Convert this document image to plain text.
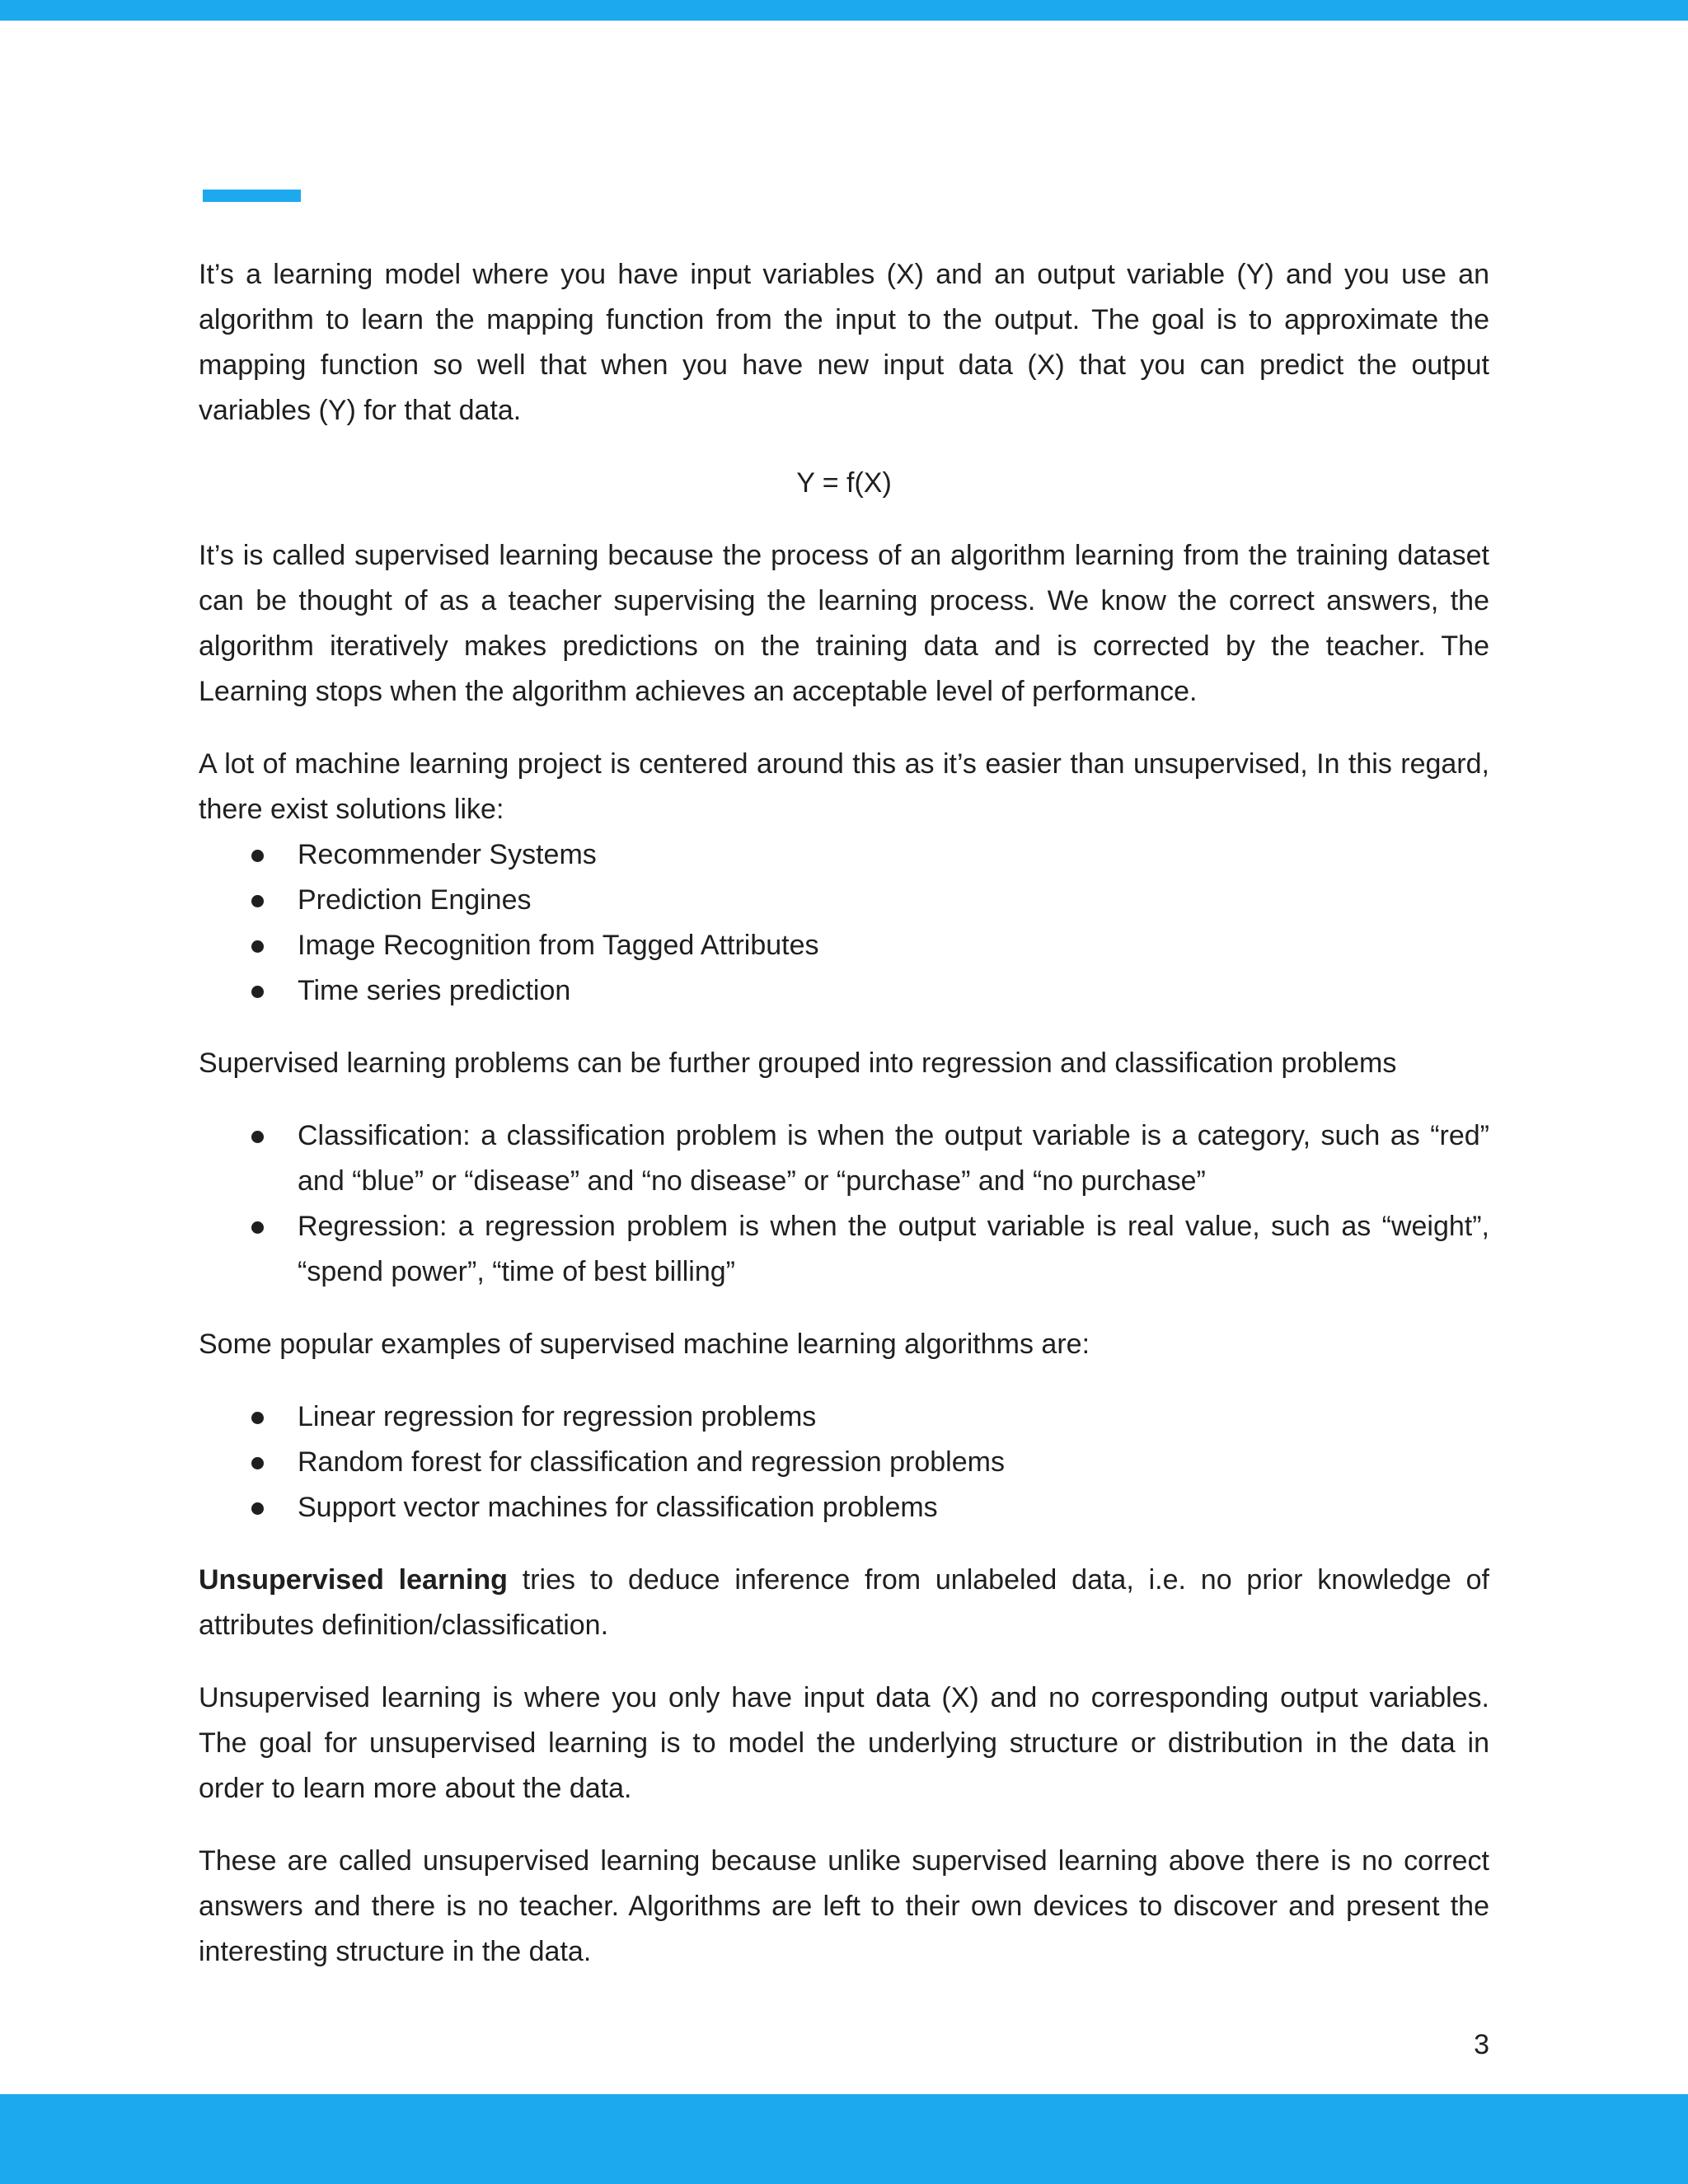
It’s a learning model where you have input variables (X) and an output variable (Y) and you use an algorithm to learn the mapping function from the input to the output. The goal is to approximate the mapping function so well that when you have new input data (X) that you can predict the output variables (Y) for that data.

Y = f(X)

It’s is called supervised learning because the process of an algorithm learning from the training dataset can be thought of as a teacher supervising the learning process. We know the correct answers, the algorithm iteratively makes predictions on the training data and is corrected by the teacher. The Learning stops when the algorithm achieves an acceptable level of performance.

A lot of machine learning project is centered around this as it’s easier than unsupervised, In this regard, there exist solutions like:

Recommender Systems
Prediction Engines
Image Recognition from Tagged Attributes
Time series prediction

Supervised learning problems can be further grouped into regression and classification problems

Classification: a classification problem is when the output variable is a category, such as “red” and “blue” or “disease” and “no disease” or “purchase” and “no purchase”
Regression: a regression problem is when the output variable is real value, such as “weight”, “spend power”, “time of best billing”

Some popular examples of supervised machine learning algorithms are:

Linear regression for regression problems
Random forest for classification and regression problems
Support vector machines for classification problems

Unsupervised learning tries to deduce inference from unlabeled data, i.e. no prior knowledge of attributes definition/classification.

Unsupervised learning is where you only have input data (X) and no corresponding output variables. The goal for unsupervised learning is to model the underlying structure or distribution in the data in order to learn more about the data.

These are called unsupervised learning because unlike supervised learning above there is no correct answers and there is no teacher. Algorithms are left to their own devices to discover and present the interesting structure in the data.

3
